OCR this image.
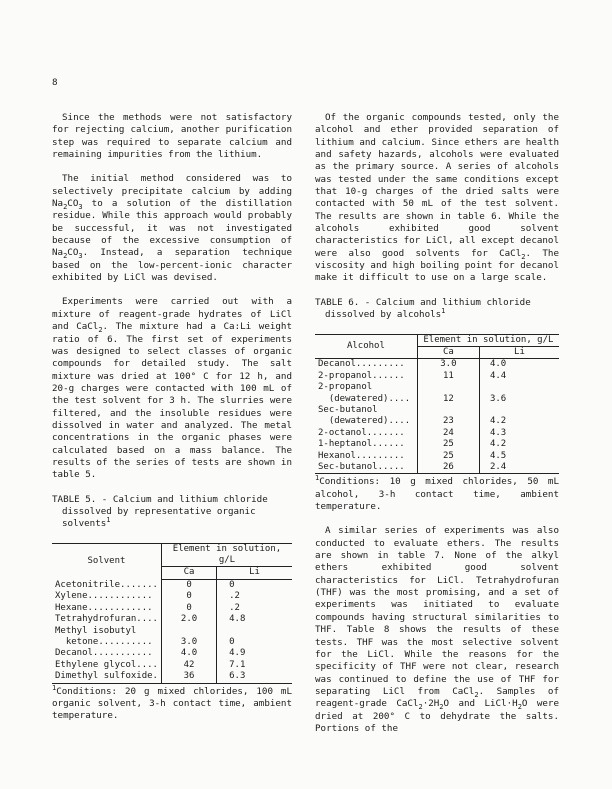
8

Since the methods were not satisfactory for rejecting calcium, another purification step was required to separate calcium and remaining impurities from the lithium.

The initial method considered was to selectively precipitate calcium by adding $Na_2CO_3$ to a solution of the distillation residue. While this approach would probably be successful, it was not investigated because of the excessive consumption of $Na_2CO_3$. Instead, a separation technique based on the low-percent-ionic character exhibited by LiCl was devised.

Experiments were carried out with a mixture of reagent-grade hydrates of LiCl and CaCl$_2$. The mixture had a Ca:Li weight ratio of 6. The first set of experiments was designed to select classes of organic compounds for detailed study. The salt mixture was dried at 100° C for 12 h, and 20-g charges were contacted with 100 mL of the test solvent for 3 h. The slurries were filtered, and the insoluble residues were dissolved in water and analyzed. The metal concentrations in the organic phases were calculated based on a mass balance. The results of the series of tests are shown in table 5.

TABLE 5. - Calcium and lithium chloride dissolved by representative organic solvents$^1$
Solvent	Element in solution, g/L	
	Ca	Li
Acetonitrile.......	0	0
Xylene............	0	.2
Hexane............	0	.2
Tetrahydrofuran....	2.0	4.8
Methyl isobutyl		
ketone..........	3.0	0
Decanol...........	4.0	4.9
Ethylene glycol....	42	7.1
Dimethyl sulfoxide.	36	6.3
$^1$Conditions: 20 g mixed chlorides, 100 mL organic solvent, 3-h contact time, ambient temperature.

Of the organic compounds tested, only the alcohol and ether provided separation of lithium and calcium. Since ethers are health and safety hazards, alcohols were evaluated as the primary source. A series of alcohols was tested under the same conditions except that 10-g charges of the dried salts were contacted with 50 mL of the test solvent. The results are shown in table 6. While the alcohols exhibited good solvent characteristics for LiCl, all except decanol were also good solvents for CaCl$_2$. The viscosity and high boiling point for decanol make it difficult to use on a large scale.

TABLE 6. - Calcium and lithium chloride dissolved by alcohols$^1$
Alcohol	Element in solution, g/L	
	Ca	Li
Decanol.........	3.0	4.0
2-propanol......	11	4.4
2-propanol		
(dewatered)....	12	3.6
Sec-butanol		
(dewatered)....	23	4.2
2-octanol.......	24	4.3
1-heptanol......	25	4.2
Hexanol.........	25	4.5
Sec-butanol.....	26	2.4
$^1$Conditions: 10 g mixed chlorides, 50 mL alcohol, 3-h contact time, ambient temperature.

A similar series of experiments was also conducted to evaluate ethers. The results are shown in table 7. None of the alkyl ethers exhibited good solvent characteristics for LiCl. Tetrahydrofuran (THF) was the most promising, and a set of experiments was initiated to evaluate compounds having structural similarities to THF. Table 8 shows the results of these tests. THF was the most selective solvent for the LiCl. While the reasons for the specificity of THF were not clear, research was continued to define the use of THF for separating LiCl from CaCl$_2$. Samples of reagent-grade $CaCl_2\cdot 2H_2O$ and $LiCl\cdot H_2O$ were dried at 200° C to dehydrate the salts. Portions of the
